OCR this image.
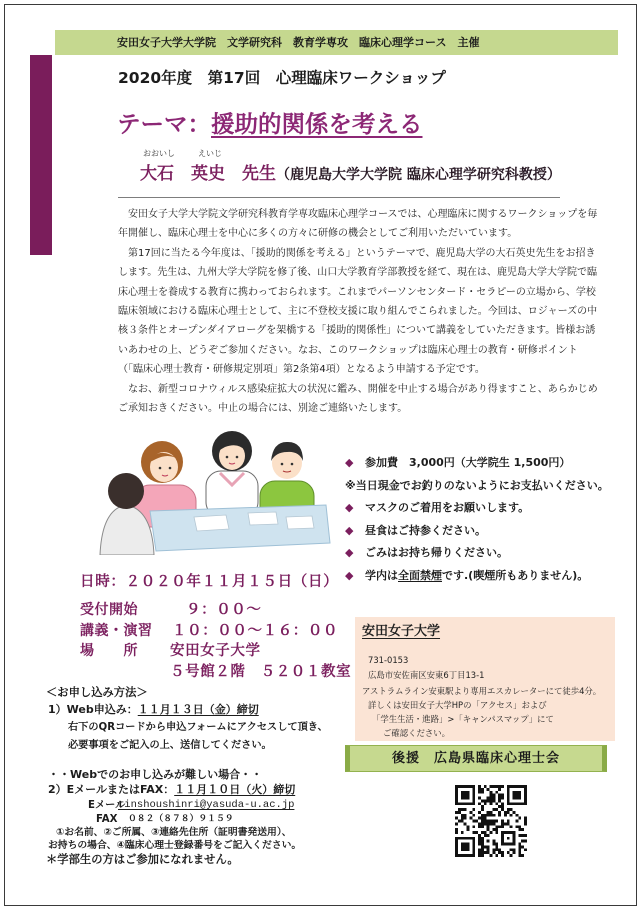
安田女子大学大学院　文学研究科　教育学専攻　臨床心理学コース　主催
2020年度　第17回　心理臨床ワークショップ
テーマ：援助的関係を考える
おおいし	えいじ
大石　英史　先生（鹿児島大学大学院 臨床心理学研究科教授）
安田女子大学大学院文学研究科教育学専攻臨床心理学コースでは、心理臨床に関するワークショップを毎
年開催し、臨床心理士を中心に多くの方々に研修の機会としてご利用いただいています。
第17回に当たる今年度は、「援助的関係を考える」というテーマで、鹿児島大学の大石英史先生をお招き
します。先生は、九州大学大学院を修了後、山口大学教育学部教授を経て、現在は、鹿児島大学大学院で臨
床心理士を養成する教育に携わっておられます。これまでパーソンセンタード・セラピーの立場から、学校
臨床領域における臨床心理士として、主に不登校支援に取り組んでこられました。今回は、ロジャーズの中
核３条件とオープンダイアローグを架橋する「援助的関係性」について講義をしていただきます。皆様お誘
いあわせの上、どうぞご参加ください。なお、このワークショップは臨床心理士の教育・研修ポイント
（「臨床心理士教育・研修規定別項」第2条第4項）となるよう申請する予定です。
なお、新型コロナウィルス感染症拡大の状況に鑑み、開催を中止する場合があり得ますこと、あらかじめ
ご承知おきください。中止の場合には、別途ご連絡いたします。
◆ 参加費　3,000円（大学院生 1,500円）
※当日現金でお釣りのないようにお支払いください。
◆ マスクのご着用をお願いします。
◆ 昼食はご持参ください。
◆ ごみはお持ち帰りください。
◆ 学内は全面禁煙です.(喫煙所もありません)。
日時：２０２０年１１月１５日（日）
受付開始	９：００～
講義・演習 １０：００～１６：００
場　　所 安田女子大学
５号館２階　５２０１教室
安田女子大学
731-0153
広島市安佐南区安東6丁目13-1
アストラムライン安東駅より専用エスカレーターにて徒歩4分。
詳しくは安田女子大学HPの「アクセス」および
「学生生活・進路」>「キャンパスマップ」にて
ご確認ください。
後援　広島県臨床心理士会
＜お申し込み方法＞
1）Web申込み：１１月１３日（金）締切
右下のQRコードから申込フォームにアクセスして頂き、
必要事項をご記入の上、送信してください。
・・Webでのお申し込みが難しい場合・・
2）EメールまたはFAX：１１月１０日（火）締切
Eメール
rinshoushinri@yasuda-u.ac.jp
FAX ０８２（８７８）９１５９
①お名前、②ご所属、③連絡先住所（証明書発送用）、
お持ちの場合、④臨床心理士登録番号をご記入ください。
＊学部生の方はご参加になれません。
